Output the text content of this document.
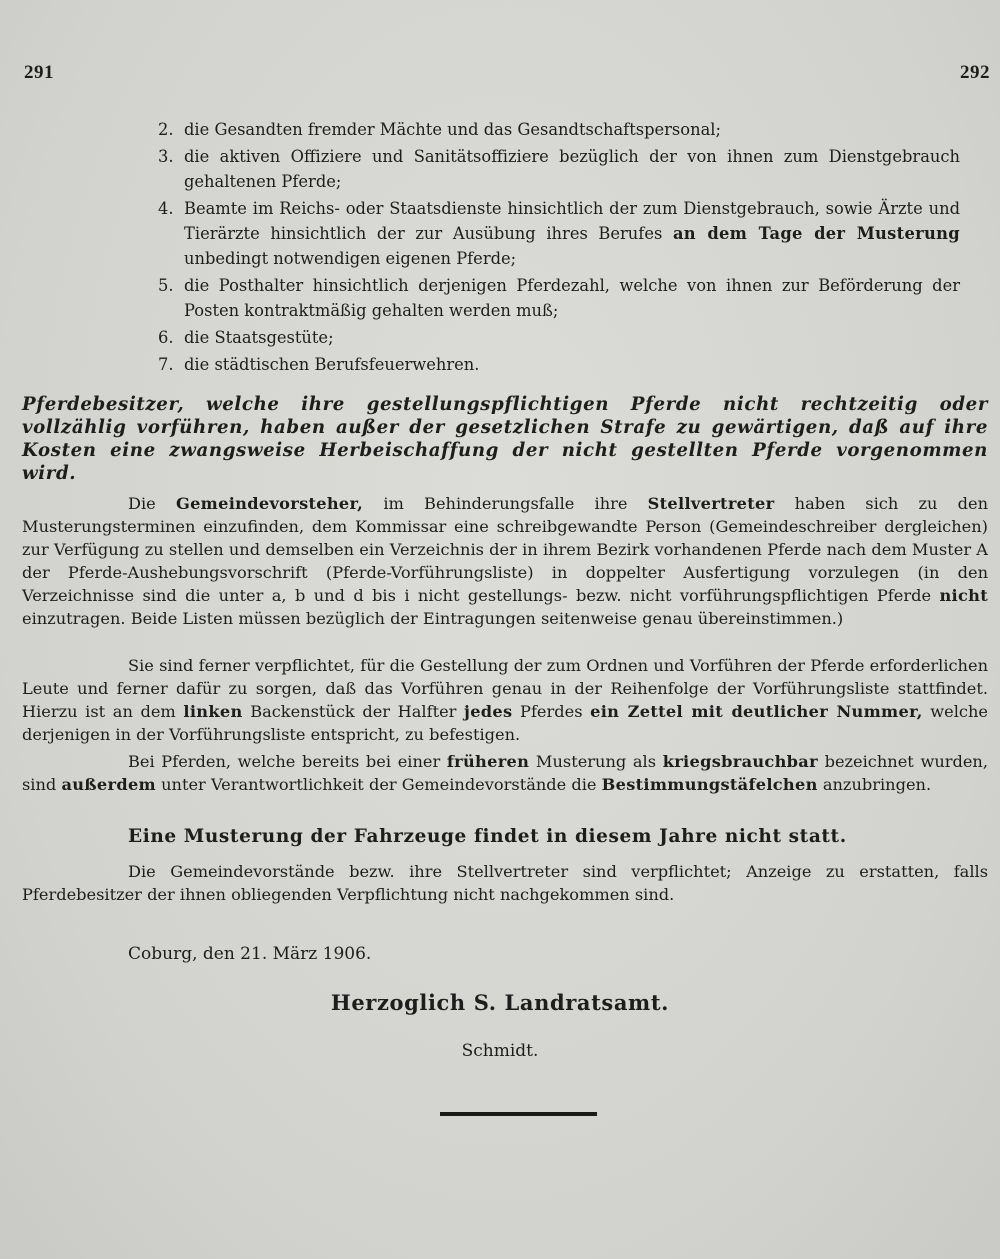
291	292
2. die Gesandten fremder Mächte und das Gesandtschaftspersonal;
3. die aktiven Offiziere und Sanitätsoffiziere bezüglich der von ihnen zum Dienstgebrauch gehaltenen Pferde;
4. Beamte im Reichs- oder Staatsdienste hinsichtlich der zum Dienstgebrauch, sowie Ärzte und Tierärzte hinsichtlich der zur Ausübung ihres Berufes an dem Tage der Musterung unbedingt notwendigen eigenen Pferde;
5. die Posthalter hinsichtlich derjenigen Pferdezahl, welche von ihnen zur Beförderung der Posten kontraktmäßig gehalten werden muß;
6. die Staatsgestüte;
7. die städtischen Berufsfeuerwehren.
Pferdebesitzer, welche ihre gestellungspflichtigen Pferde nicht rechtzeitig oder vollzählig vorführen, haben außer der gesetzlichen Strafe zu gewärtigen, daß auf ihre Kosten eine zwangsweise Herbeischaffung der nicht gestellten Pferde vorgenommen wird.

Die Gemeindevorsteher, im Behinderungsfalle ihre Stellvertreter haben sich zu den Musterungsterminen einzufinden, dem Kommissar eine schreibgewandte Person (Gemeindeschreiber dergleichen) zur Verfügung zu stellen und demselben ein Verzeichnis der in ihrem Bezirk vorhandenen Pferde nach dem Muster A der Pferde-Aushebungsvorschrift (Pferde-Vorführungsliste) in doppelter Ausfertigung vorzulegen (in den Verzeichnisse sind die unter a, b und d bis i nicht gestellungs- bezw. nicht vorführungspflichtigen Pferde nicht einzutragen. Beide Listen müssen bezüglich der Eintragungen seitenweise genau übereinstimmen.)

Sie sind ferner verpflichtet, für die Gestellung der zum Ordnen und Vorführen der Pferde erforderlichen Leute und ferner dafür zu sorgen, daß das Vorführen genau in der Reihenfolge der Vorführungsliste stattfindet. Hierzu ist an dem linken Backenstück der Halfter jedes Pferdes ein Zettel mit deutlicher Nummer, welche derjenigen in der Vorführungsliste entspricht, zu befestigen.

Bei Pferden, welche bereits bei einer früheren Musterung als kriegsbrauchbar bezeichnet wurden, sind außerdem unter Verantwortlichkeit der Gemeindevorstände die Bestimmungstäfelchen anzubringen.

Eine Musterung der Fahrzeuge findet in diesem Jahre nicht statt.

Die Gemeindevorstände bezw. ihre Stellvertreter sind verpflichtet; Anzeige zu erstatten, falls Pferdebesitzer der ihnen obliegenden Verpflichtung nicht nachgekommen sind.

Coburg, den 21. März 1906.
Herzoglich S. Landratsamt.
Schmidt.
